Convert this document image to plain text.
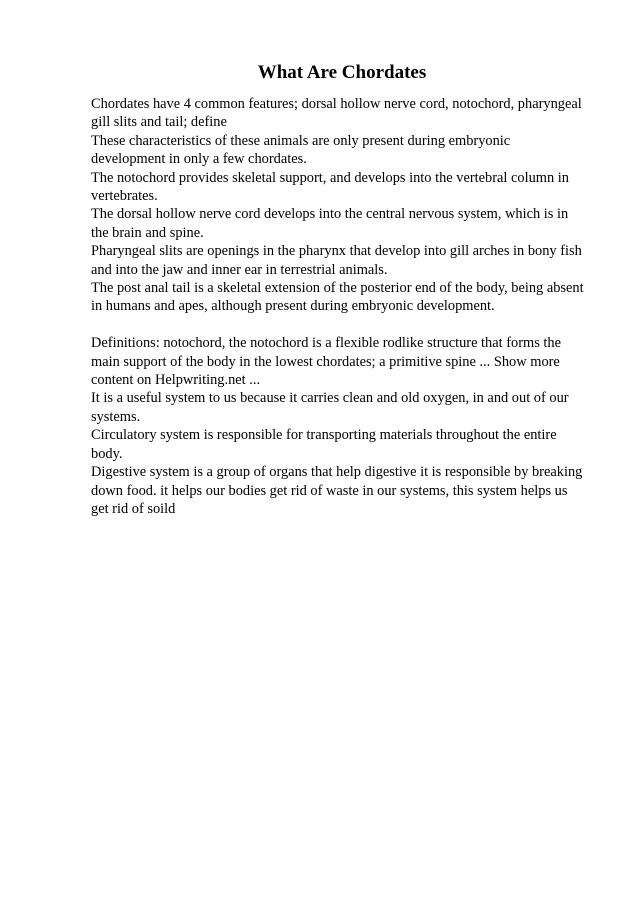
What Are Chordates

Chordates have 4 common features; dorsal hollow nerve cord, notochord, pharyngeal

gill slits and tail; define

These characteristics of these animals are only present during embryonic

development in only a few chordates.

The notochord provides skeletal support, and develops into the vertebral column in

vertebrates.

The dorsal hollow nerve cord develops into the central nervous system, which is in

the brain and spine.

Pharyngeal slits are openings in the pharynx that develop into gill arches in bony fish

and into the jaw and inner ear in terrestrial animals.

The post anal tail is a skeletal extension of the posterior end of the body, being absent

in humans and apes, although present during embryonic development.

Definitions: notochord, the notochord is a flexible rodlike structure that forms the

main support of the body in the lowest chordates; a primitive spine ... Show more

content on Helpwriting.net ...

It is a useful system to us because it carries clean and old oxygen, in and out of our

systems.

Circulatory system is responsible for transporting materials throughout the entire

body.

Digestive system is a group of organs that help digestive it is responsible by breaking

down food. it helps our bodies get rid of waste in our systems, this system helps us

get rid of soild
